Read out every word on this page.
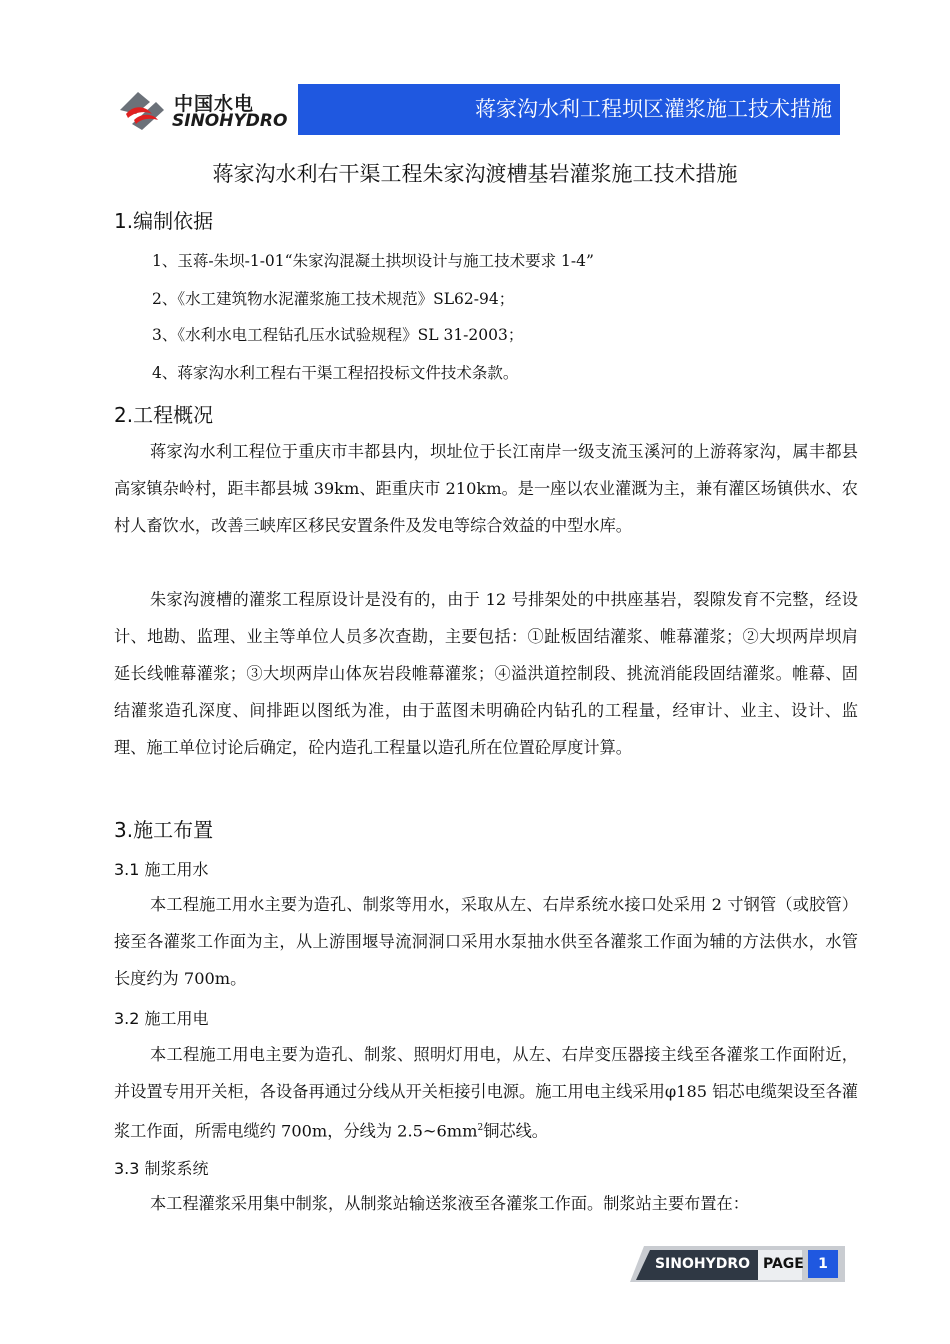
中国水电
SINOHYDRO	蒋家沟水利工程坝区灌浆施工技术措施
蒋家沟水利右干渠工程朱家沟渡槽基岩灌浆施工技术措施
1.编制依据
1、玉蒋-朱坝-1-01“朱家沟混凝土拱坝设计与施工技术要求 1-4”
2、《水工建筑物水泥灌浆施工技术规范》SL62-94；
3、《水利水电工程钻孔压水试验规程》SL 31-2003；
4、蒋家沟水利工程右干渠工程招投标文件技术条款。
2.工程概况

蒋家沟水利工程位于重庆市丰都县内，坝址位于长江南岸一级支流玉溪河的上游蒋家沟，属丰都县高家镇杂岭村，距丰都县城 39km、距重庆市 210km。是一座以农业灌溉为主，兼有灌区场镇供水、农村人畜饮水，改善三峡库区移民安置条件及发电等综合效益的中型水库。

朱家沟渡槽的灌浆工程原设计是没有的，由于 12 号排架处的中拱座基岩，裂隙发育不完整，经设计、地勘、监理、业主等单位人员多次查勘，主要包括：①趾板固结灌浆、帷幕灌浆；②大坝两岸坝肩延长线帷幕灌浆；③大坝两岸山体灰岩段帷幕灌浆；④溢洪道控制段、挑流消能段固结灌浆。帷幕、固结灌浆造孔深度、间排距以图纸为准，由于蓝图未明确砼内钻孔的工程量，经审计、业主、设计、监理、施工单位讨论后确定，砼内造孔工程量以造孔所在位置砼厚度计算。

3.施工布置
3.1 施工用水

本工程施工用水主要为造孔、制浆等用水，采取从左、右岸系统水接口处采用 2 寸钢管（或胶管）接至各灌浆工作面为主，从上游围堰导流洞洞口采用水泵抽水供至各灌浆工作面为辅的方法供水，水管长度约为 700m。

3.2 施工用电

本工程施工用电主要为造孔、制浆、照明灯用电，从左、右岸变压器接主线至各灌浆工作面附近，并设置专用开关柜，各设备再通过分线从开关柜接引电源。施工用电主线采用φ185 铝芯电缆架设至各灌浆工作面，所需电缆约 700m，分线为 $2.5\sim 6mm^2$铜芯线。

3.3 制浆系统

本工程灌浆采用集中制浆，从制浆站输送浆液至各灌浆工作面。制浆站主要布置在：

SINOHYDRO PAGE	1
